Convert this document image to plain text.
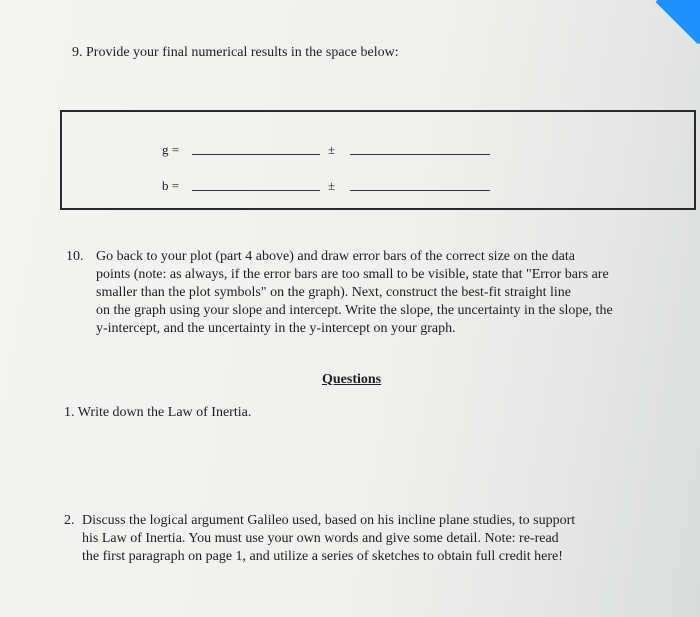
9. Provide your final numerical results in the space below:
g =	±
b =	±
10. Go back to your plot (part 4 above) and draw error bars of the correct size on the data
points (note: as always, if the error bars are too small to be visible, state that "Error bars are
smaller than the plot symbols" on the graph). Next, construct the best-fit straight line
on the graph using your slope and intercept. Write the slope, the uncertainty in the slope, the
y-intercept, and the uncertainty in the y-intercept on your graph.
Questions
1. Write down the Law of Inertia.
2. Discuss the logical argument Galileo used, based on his incline plane studies, to support
his Law of Inertia. You must use your own words and give some detail. Note: re-read
the first paragraph on page 1, and utilize a series of sketches to obtain full credit here!
